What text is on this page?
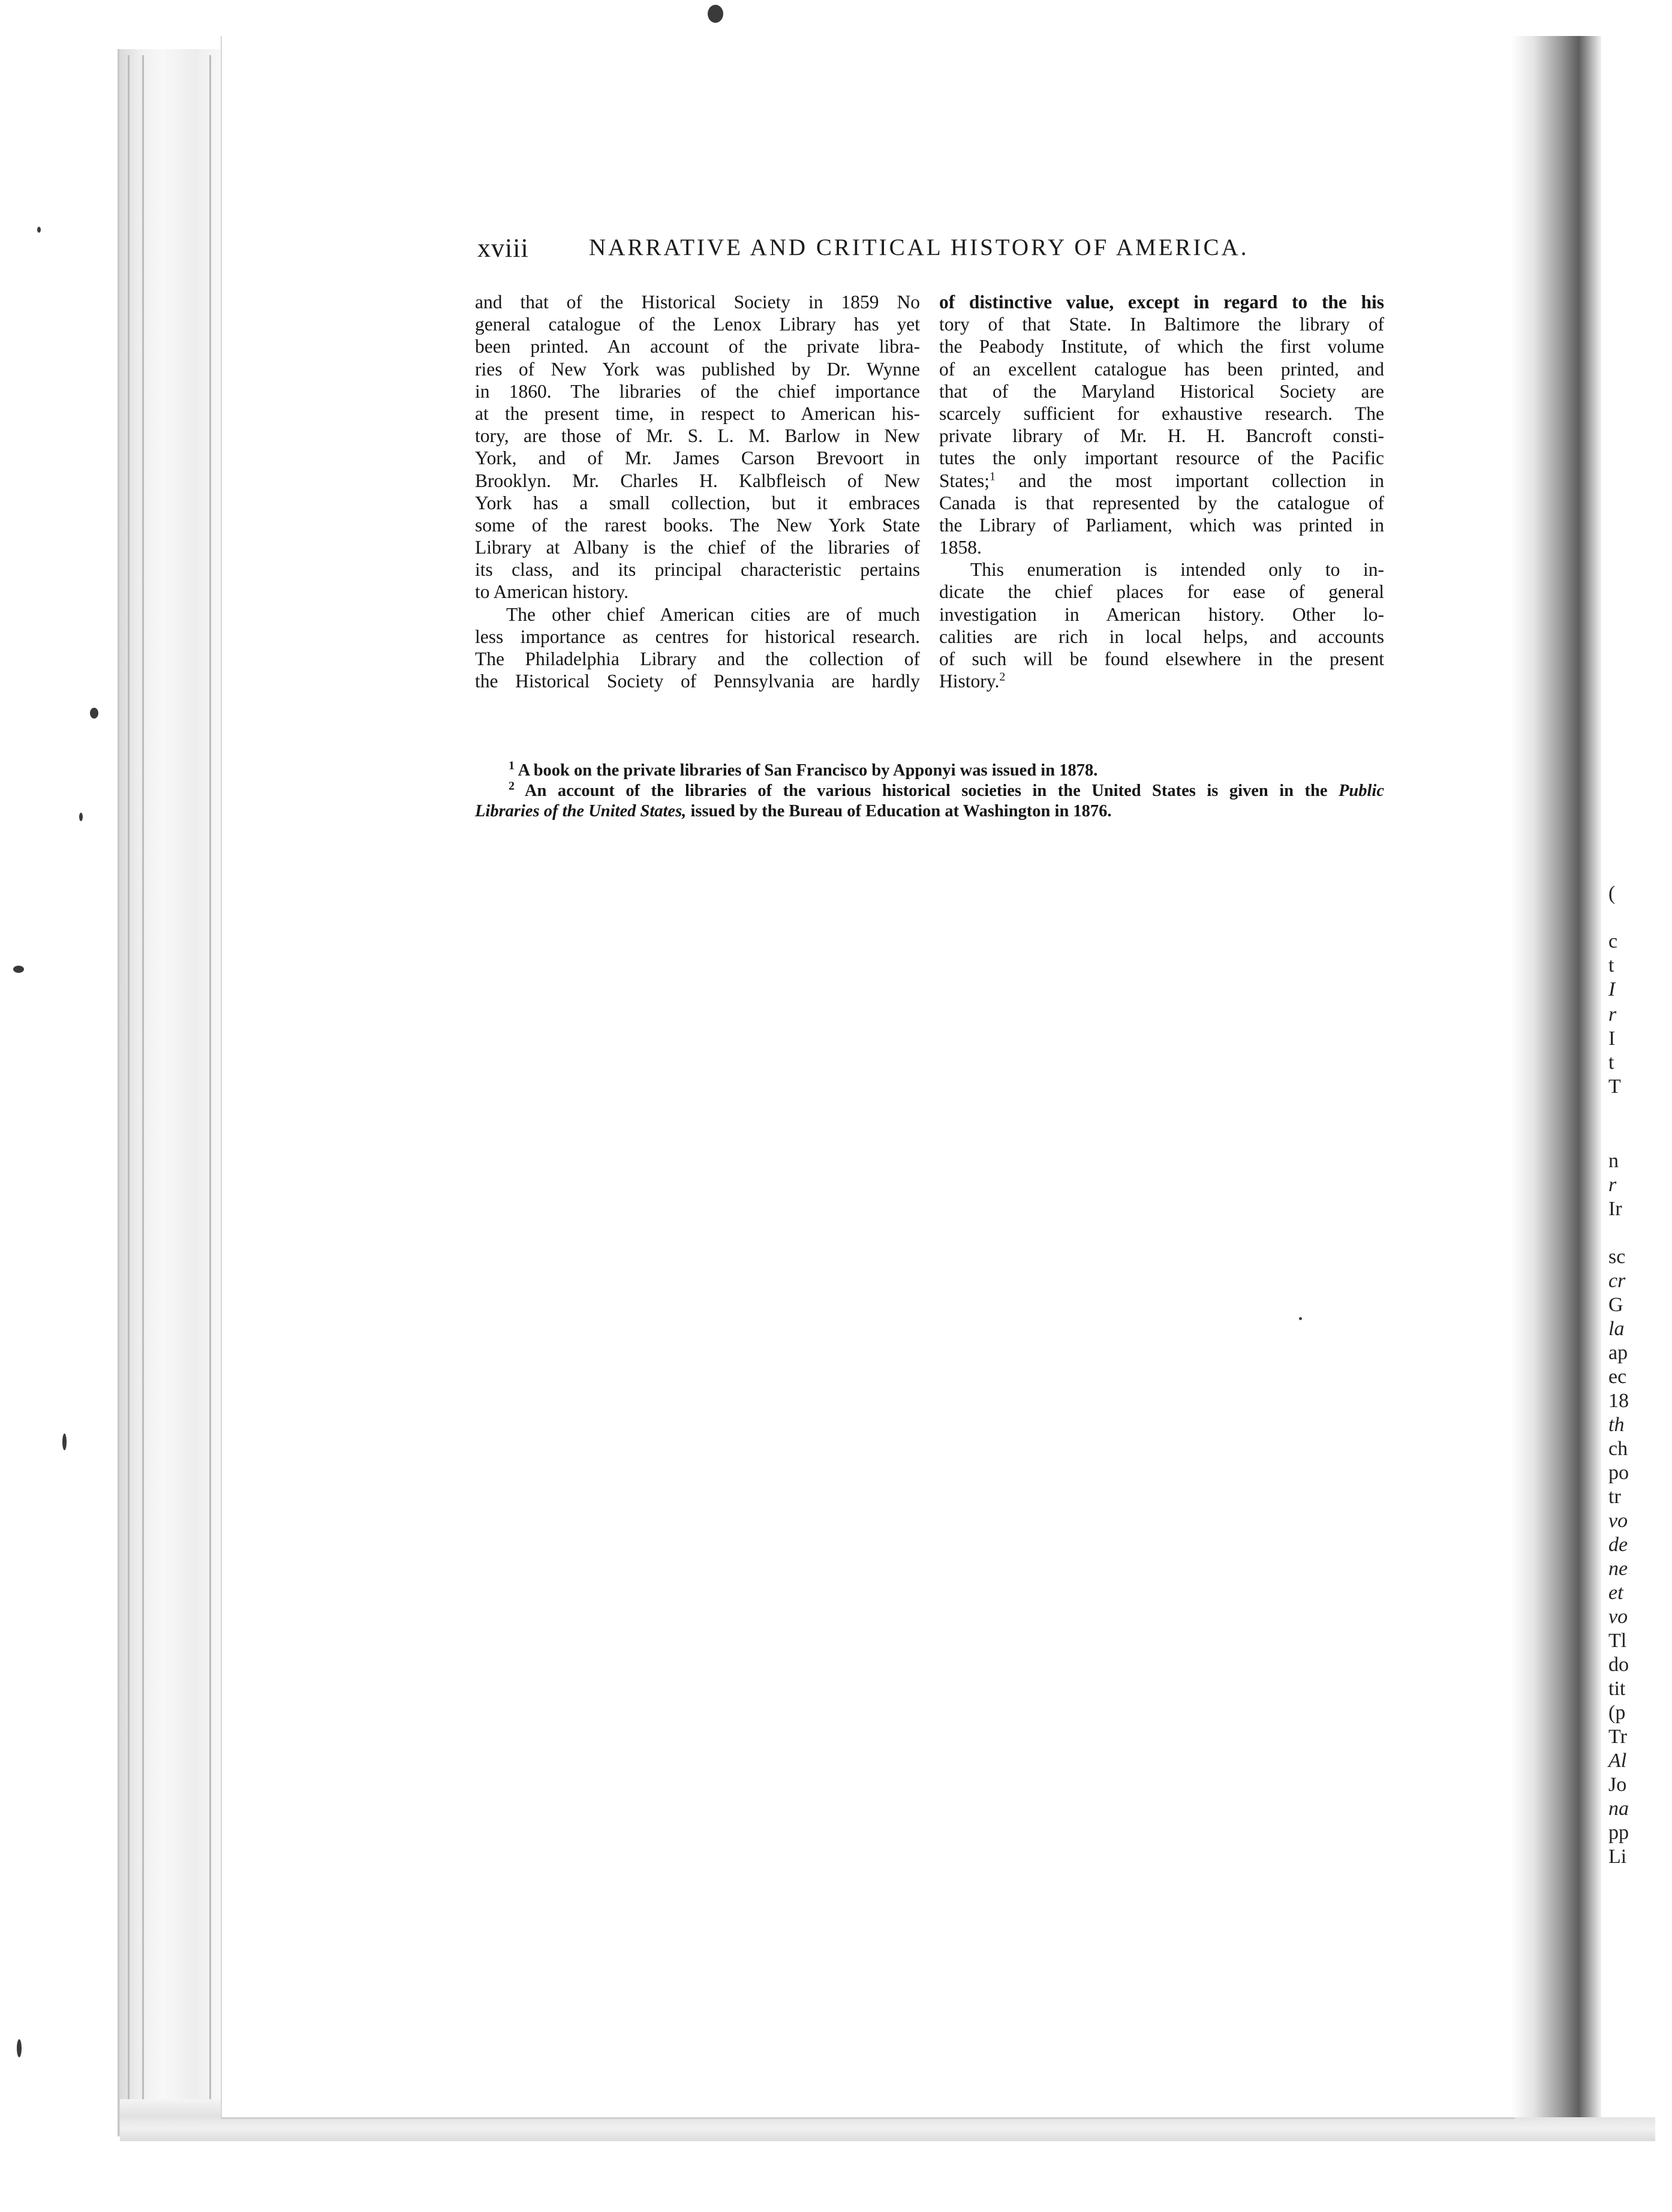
(
c
t
I
r
I
t
T
n
r
Ir
sc
cr
G
la
ap
ec
18
th
ch
po
tr
vo
de
ne
et
vo
Tl
do
tit
(p
Tr
Al
Jo
na
pp
Li
xviii	NARRATIVE AND CRITICAL HISTORY OF AMERICA.
and that of the Historical Society in 1859 No
general catalogue of the Lenox Library has yet
been printed. An account of the private libra-
ries of New York was published by Dr. Wynne
in 1860. The libraries of the chief importance
at the present time, in respect to American his-
tory, are those of Mr. S. L. M. Barlow in New
York, and of Mr. James Carson Brevoort in
Brooklyn. Mr. Charles H. Kalbfleisch of New
York has a small collection, but it embraces
some of the rarest books. The New York State
Library at Albany is the chief of the libraries of
its class, and its principal characteristic pertains
to American history.
The other chief American cities are of much
less importance as centres for historical research.
The Philadelphia Library and the collection of
the Historical Society of Pennsylvania are hardly
of distinctive value, except in regard to the his
tory of that State. In Baltimore the library of
the Peabody Institute, of which the first volume
of an excellent catalogue has been printed, and
that of the Maryland Historical Society are
scarcely sufficient for exhaustive research. The
private library of Mr. H. H. Bancroft consti-
tutes the only important resource of the Pacific
States;$^1$ and the most important collection in
Canada is that represented by the catalogue of
the Library of Parliament, which was printed in
1858.
This enumeration is intended only to in-
dicate the chief places for ease of general
investigation in American history. Other lo-
calities are rich in local helps, and accounts
of such will be found elsewhere in the present
History.$^2$
$^1$ A book on the private libraries of San Francisco by Apponyi was issued in 1878.
$^2$ An account of the libraries of the various historical societies in the United States is given in the Public
Libraries of the United States, issued by the Bureau of Education at Washington in 1876.
